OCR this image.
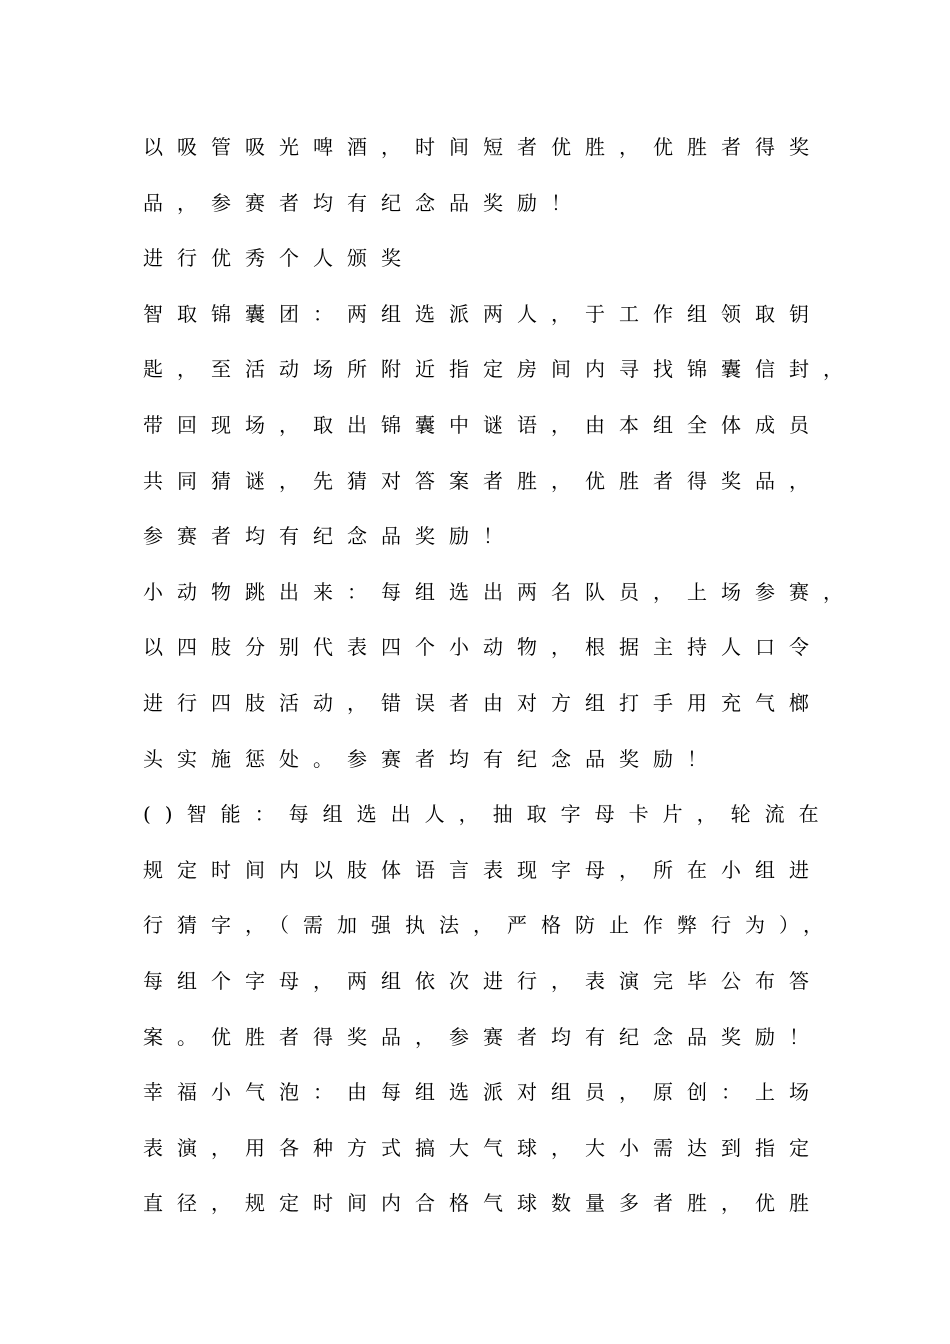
以吸管吸光啤酒，时间短者优胜，优胜者得奖
品，参赛者均有纪念品奖励！
进行优秀个人颁奖
智取锦囊团：两组选派两人，于工作组领取钥
匙，至活动场所附近指定房间内寻找锦囊信封，
带回现场，取出锦囊中谜语，由本组全体成员
共同猜谜，先猜对答案者胜，优胜者得奖品，
参赛者均有纪念品奖励！
小动物跳出来：每组选出两名队员，上场参赛，
以四肢分别代表四个小动物，根据主持人口令
进行四肢活动，错误者由对方组打手用充气榔
头实施惩处。参赛者均有纪念品奖励！
()智能：每组选出人，抽取字母卡片，轮流在
规定时间内以肢体语言表现字母，所在小组进
行猜字，（需加强执法，严格防止作弊行为），
每组个字母，两组依次进行，表演完毕公布答
案。优胜者得奖品，参赛者均有纪念品奖励！
幸福小气泡：由每组选派对组员，原创：上场
表演，用各种方式搞大气球，大小需达到指定
直径，规定时间内合格气球数量多者胜，优胜
